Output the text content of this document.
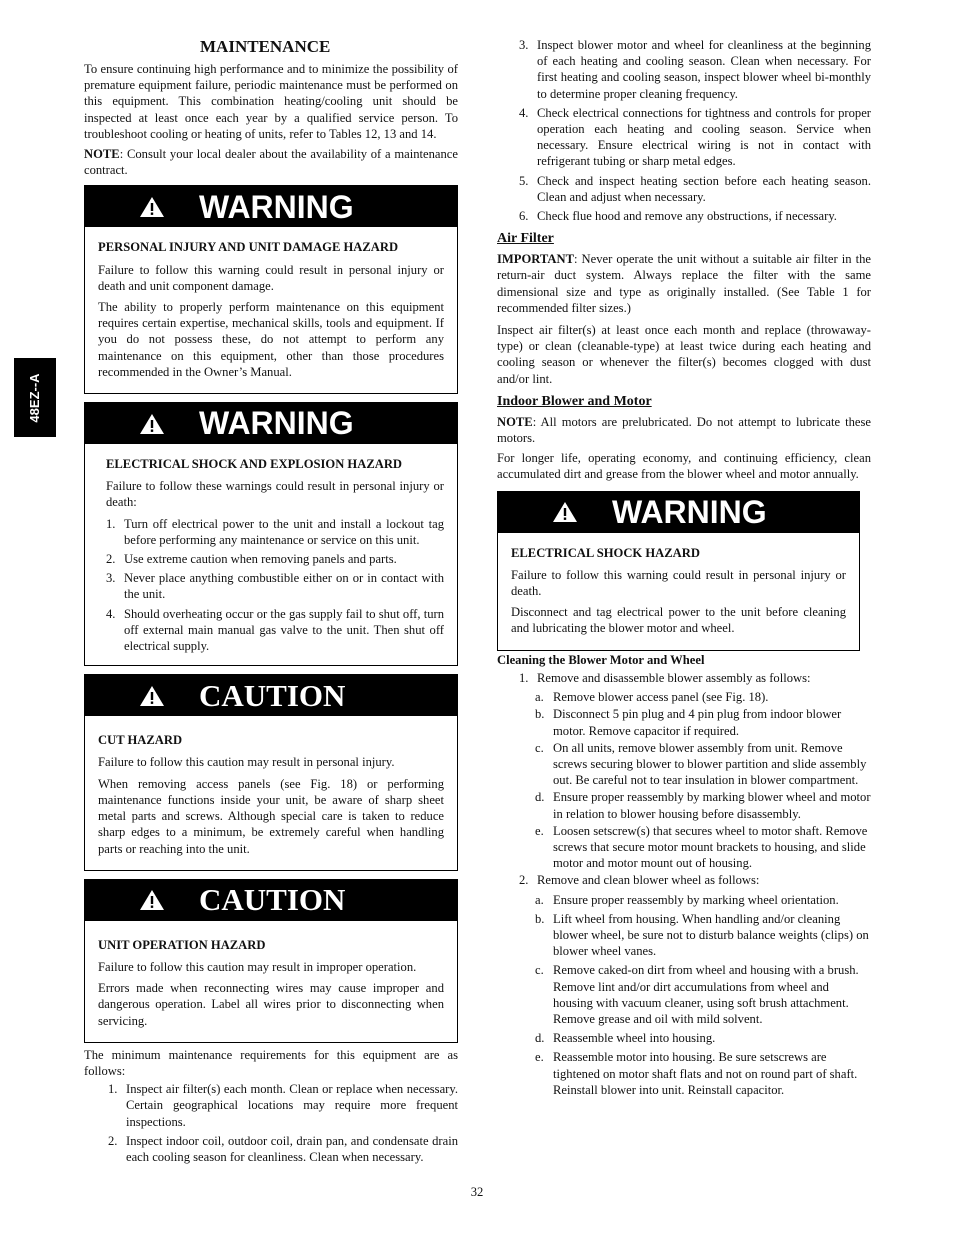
48EZ--A
MAINTENANCE

To ensure continuing high performance and to minimize the possibility of premature equipment failure, periodic maintenance must be performed on this equipment. This combination heating/cooling unit should be inspected at least once each year by a qualified service person. To troubleshoot cooling or heating of units, refer to Tables 12, 13 and 14.

NOTE: Consult your local dealer about the availability of a maintenance contract.

WARNING
PERSONAL INJURY AND UNIT DAMAGE HAZARD

Failure to follow this warning could result in personal injury or death and unit component damage.

The ability to properly perform maintenance on this equipment requires certain expertise, mechanical skills, tools and equipment. If you do not possess these, do not attempt to perform any maintenance on this equipment, other than those procedures recommended in the Owner’s Manual.

WARNING
ELECTRICAL SHOCK AND EXPLOSION HAZARD

Failure to follow these warnings could result in personal injury or death:

1. Turn off electrical power to the unit and install a lockout tag before performing any maintenance or service on this unit.
2. Use extreme caution when removing panels and parts.
3. Never place anything combustible either on or in contact with the unit.
4. Should overheating occur or the gas supply fail to shut off, turn off external main manual gas valve to the unit. Then shut off electrical supply.
CAUTION
CUT HAZARD

Failure to follow this caution may result in personal injury.

When removing access panels (see Fig. 18) or performing maintenance functions inside your unit, be aware of sharp sheet metal parts and screws. Although special care is taken to reduce sharp edges to a minimum, be extremely careful when handling parts or reaching into the unit.

CAUTION
UNIT OPERATION HAZARD

Failure to follow this caution may result in improper operation.

Errors made when reconnecting wires may cause improper and dangerous operation. Label all wires prior to disconnecting when servicing.

The minimum maintenance requirements for this equipment are as follows:

1. Inspect air filter(s) each month. Clean or replace when necessary. Certain geographical locations may require more frequent inspections.
2. Inspect indoor coil, outdoor coil, drain pan, and condensate drain each cooling season for cleanliness. Clean when necessary.
3. Inspect blower motor and wheel for cleanliness at the beginning of each heating and cooling season. Clean when necessary. For first heating and cooling season, inspect blower wheel bi-monthly to determine proper cleaning frequency.
4. Check electrical connections for tightness and controls for proper operation each heating and cooling season. Service when necessary. Ensure electrical wiring is not in contact with refrigerant tubing or sharp metal edges.
5. Check and inspect heating section before each heating season. Clean and adjust when necessary.
6. Check flue hood and remove any obstructions, if necessary.
Air Filter

IMPORTANT: Never operate the unit without a suitable air filter in the return-air duct system. Always replace the filter with the same dimensional size and type as originally installed. (See Table 1 for recommended filter sizes.)

Inspect air filter(s) at least once each month and replace (throwaway-type) or clean (cleanable-type) at least twice during each heating and cooling season or whenever the filter(s) becomes clogged with dust and/or lint.

Indoor Blower and Motor

NOTE: All motors are prelubricated. Do not attempt to lubricate these motors.

For longer life, operating economy, and continuing efficiency, clean accumulated dirt and grease from the blower wheel and motor annually.

WARNING
ELECTRICAL SHOCK HAZARD

Failure to follow this warning could result in personal injury or death.

Disconnect and tag electrical power to the unit before cleaning and lubricating the blower motor and wheel.

Cleaning the Blower Motor and Wheel
1. Remove and disassemble blower assembly as follows:
a. Remove blower access panel (see Fig. 18).
b. Disconnect 5 pin plug and 4 pin plug from indoor blower motor. Remove capacitor if required.
c. On all units, remove blower assembly from unit. Remove screws securing blower to blower partition and slide assembly out. Be careful not to tear insulation in blower compartment.
d. Ensure proper reassembly by marking blower wheel and motor in relation to blower housing before disassembly.
e. Loosen setscrew(s) that secures wheel to motor shaft. Remove screws that secure motor mount brackets to housing, and slide motor and motor mount out of housing.
2. Remove and clean blower wheel as follows:
a. Ensure proper reassembly by marking wheel orientation.
b. Lift wheel from housing. When handling and/or cleaning blower wheel, be sure not to disturb balance weights (clips) on blower wheel vanes.
c. Remove caked-on dirt from wheel and housing with a brush. Remove lint and/or dirt accumulations from wheel and housing with vacuum cleaner, using soft brush attachment. Remove grease and oil with mild solvent.
d. Reassemble wheel into housing.
e. Reassemble motor into housing. Be sure setscrews are tightened on motor shaft flats and not on round part of shaft. Reinstall blower into unit. Reinstall capacitor.
32
